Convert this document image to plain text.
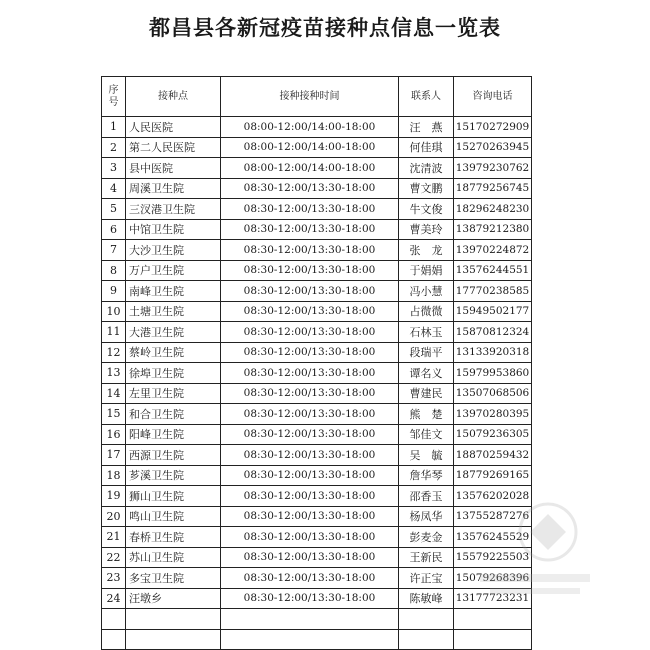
都昌县各新冠疫苗接种点信息一览表
序号	接种点	接种接种时间	联系人	咨询电话
1	人民医院	08:00-12:00/14:00-18:00	汪　燕	15170272909
2	第二人民医院	08:00-12:00/14:00-18:00	何佳琪	15270263945
3	县中医院	08:00-12:00/14:00-18:00	沈清波	13979230762
4	周溪卫生院	08:30-12:00/13:30-18:00	曹文鹏	18779256745
5	三汊港卫生院	08:30-12:00/13:30-18:00	牛文俊	18296248230
6	中馆卫生院	08:30-12:00/13:30-18:00	曹美玲	13879212380
7	大沙卫生院	08:30-12:00/13:30-18:00	张　龙	13970224872
8	万户卫生院	08:30-12:00/13:30-18:00	于娟娟	13576244551
9	南峰卫生院	08:30-12:00/13:30-18:00	冯小慧	17770238585
10	土塘卫生院	08:30-12:00/13:30-18:00	占微微	15949502177
11	大港卫生院	08:30-12:00/13:30-18:00	石林玉	15870812324
12	蔡岭卫生院	08:30-12:00/13:30-18:00	段瑞平	13133920318
13	徐埠卫生院	08:30-12:00/13:30-18:00	谭名义	15979953860
14	左里卫生院	08:30-12:00/13:30-18:00	曹建民	13507068506
15	和合卫生院	08:30-12:00/13:30-18:00	熊　楚	13970280395
16	阳峰卫生院	08:30-12:00/13:30-18:00	邹佳文	15079236305
17	西源卫生院	08:30-12:00/13:30-18:00	吴　毓	18870259432
18	芗溪卫生院	08:30-12:00/13:30-18:00	詹华琴	18779269165
19	狮山卫生院	08:30-12:00/13:30-18:00	邵香玉	13576202028
20	鸣山卫生院	08:30-12:00/13:30-18:00	杨凤华	13755287276
21	春桥卫生院	08:30-12:00/13:30-18:00	彭麦金	13576245529
22	苏山卫生院	08:30-12:00/13:30-18:00	王新民	15579225503
23	多宝卫生院	08:30-12:00/13:30-18:00	许正宝	15079268396
24	汪墩乡	08:30-12:00/13:30-18:00	陈敏峰	13177723231
